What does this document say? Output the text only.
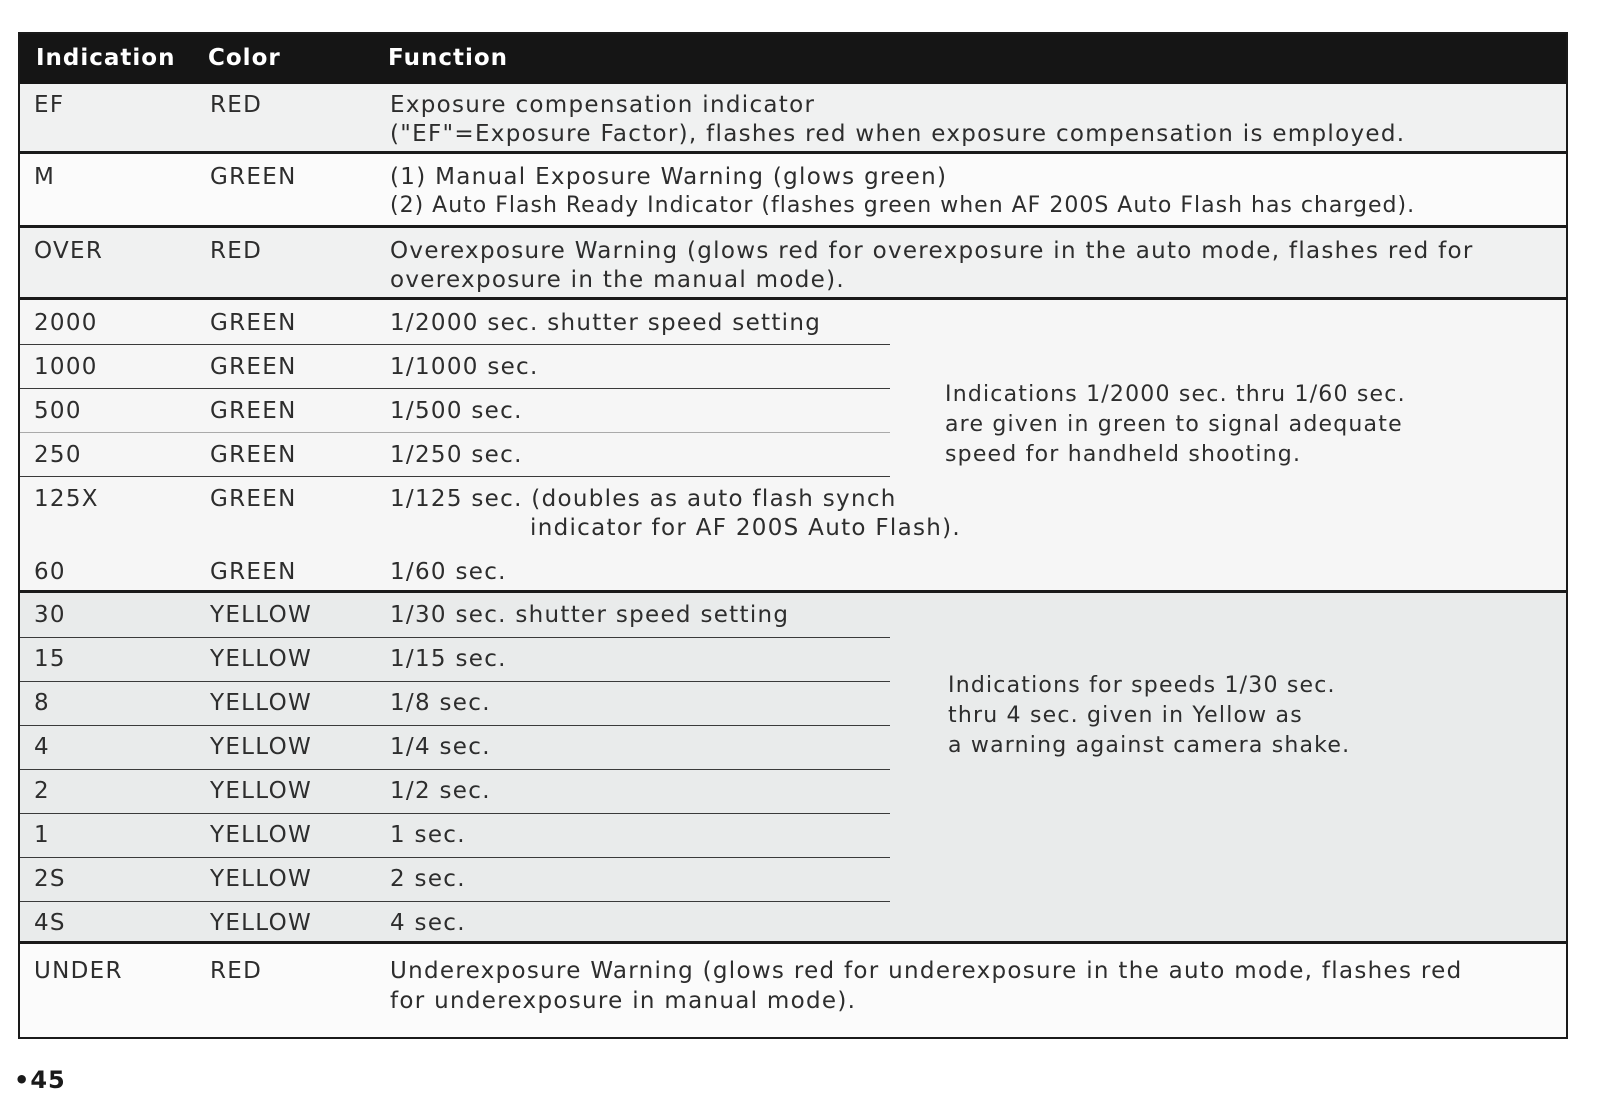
Indication Color	Function
EF	RED	Exposure compensation indicator
("EF"=Exposure Factor), flashes red when exposure compensation is employed.
M	GREEN	(1) Manual Exposure Warning (glows green)
(2) Auto Flash Ready Indicator (flashes green when AF 200S Auto Flash has charged).
OVER	RED	Overexposure Warning (glows red for overexposure in the auto mode, flashes red for
overexposure in the manual mode).
2000	GREEN	1/2000 sec. shutter speed setting
1000	GREEN	1/1000 sec.
500	GREEN	1/500 sec.
250	GREEN	1/250 sec.
125X	GREEN	1/125 sec. (doubles as auto flash synch
indicator for AF 200S Auto Flash).
60	GREEN	1/60 sec.
Indications 1/2000 sec. thru 1/60 sec.
are given in green to signal adequate
speed for handheld shooting.
30	YELLOW	1/30 sec. shutter speed setting
15	YELLOW	1/15 sec.
8	YELLOW	1/8 sec.
4	YELLOW	1/4 sec.
2	YELLOW	1/2 sec.
1	YELLOW	1 sec.
2S	YELLOW	2 sec.
4S	YELLOW	4 sec.
Indications for speeds 1/30 sec.
thru 4 sec. given in Yellow as
a warning against camera shake.
UNDER	RED	Underexposure Warning (glows red for underexposure in the auto mode, flashes red
for underexposure in manual mode).
•45
